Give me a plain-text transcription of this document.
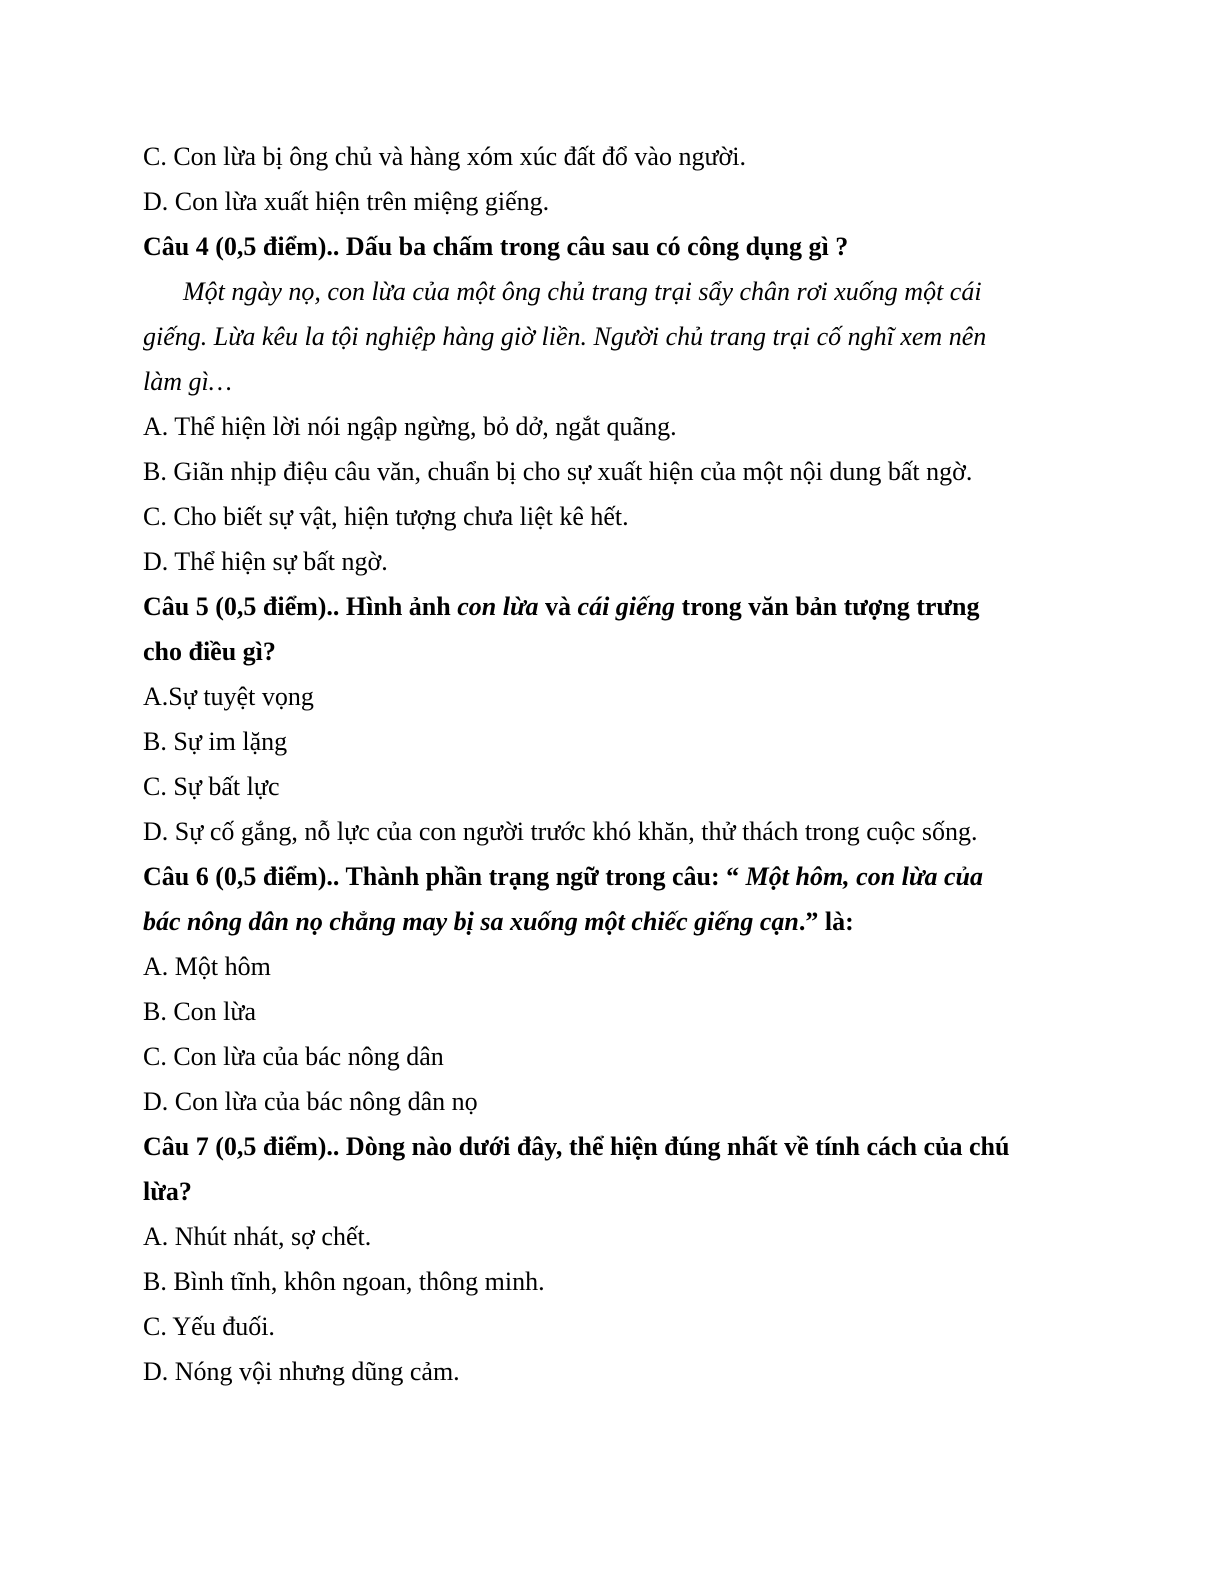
C. Con lừa bị ông chủ và hàng xóm xúc đất đổ vào người.
D. Con lừa xuất hiện trên miệng giếng.
Câu 4 (0,5 điểm).. Dấu ba chấm trong câu sau có công dụng gì ?
Một ngày nọ, con lừa của một ông chủ trang trại sẩy chân rơi xuống một cái
giếng. Lừa kêu la tội nghiệp hàng giờ liền. Người chủ trang trại cố nghĩ xem nên
làm gì…
A. Thể hiện lời nói ngập ngừng, bỏ dở, ngắt quãng.
B. Giãn nhịp điệu câu văn, chuẩn bị cho sự xuất hiện của một nội dung bất ngờ.
C. Cho biết sự vật, hiện tượng chưa liệt kê hết.
D. Thể hiện sự bất ngờ.
Câu 5 (0,5 điểm).. Hình ảnh con lừa và cái giếng trong văn bản tượng trưng
cho điều gì?
A.Sự tuyệt vọng
B. Sự im lặng
C. Sự bất lực
D. Sự cố gắng, nỗ lực của con người trước khó khăn, thử thách trong cuộc sống.
Câu 6 (0,5 điểm).. Thành phần trạng ngữ trong câu: “ Một hôm, con lừa của
bác nông dân nọ chẳng may bị sa xuống một chiếc giếng cạn.” là:
A. Một hôm
B. Con lừa
C. Con lừa của bác nông dân
D. Con lừa của bác nông dân nọ
Câu 7 (0,5 điểm).. Dòng nào dưới đây, thể hiện đúng nhất về tính cách của chú
lừa?
A. Nhút nhát, sợ chết.
B. Bình tĩnh, khôn ngoan, thông minh.
C. Yếu đuối.
D. Nóng vội nhưng dũng cảm.
